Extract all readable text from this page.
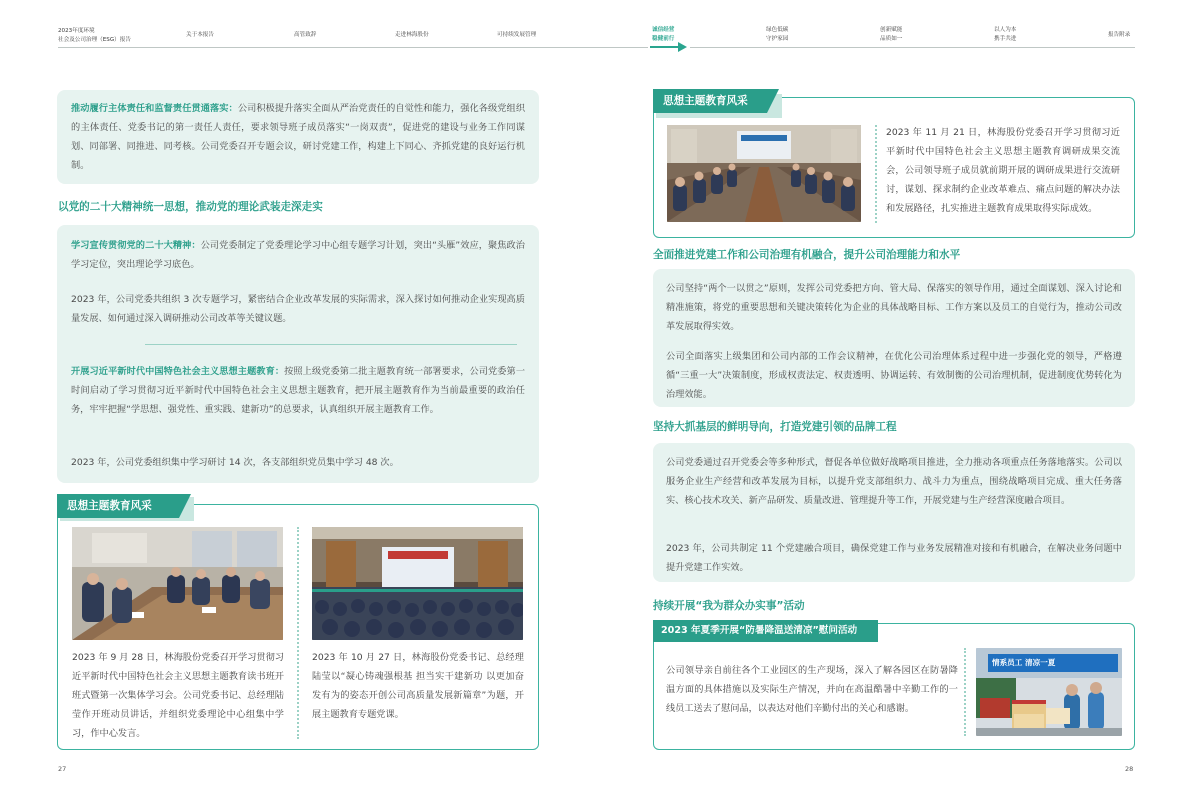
2023年度环境
社会及公司治理（ESG）报告
关于本报告	高管致辞	走进林海股份	可持续发展管理
诚信经营
稳健前行
绿色低碳
守护家园
创新赋能
品质如一
以人为本
携手共进
报告附录

推动履行主体责任和监督责任贯通落实：公司积极提升落实全面从严治党责任的自觉性和能力，强化各级党组织的主体责任、党委书记的第一责任人责任，要求领导班子成员落实“一岗双责”，促进党的建设与业务工作同谋划、同部署、同推进、同考核。公司党委召开专题会议，研讨党建工作，构建上下同心、齐抓党建的良好运行机制。

以党的二十大精神统一思想，推动党的理论武装走深走实

学习宣传贯彻党的二十大精神：公司党委制定了党委理论学习中心组专题学习计划，突出“头雁”效应，聚焦政治学习定位，突出理论学习底色。

2023 年，公司党委共组织 3 次专题学习，紧密结合企业改革发展的实际需求，深入探讨如何推动企业实现高质量发展、如何通过深入调研推动公司改革等关键议题。

开展习近平新时代中国特色社会主义思想主题教育：按照上级党委第二批主题教育统一部署要求，公司党委第一时间启动了学习贯彻习近平新时代中国特色社会主义思想主题教育，把开展主题教育作为当前最重要的政治任务，牢牢把握“学思想、强党性、重实践、建新功”的总要求，认真组织开展主题教育工作。

2023 年，公司党委组织集中学习研讨 14 次，各支部组织党员集中学习 48 次。

思想主题教育风采

2023 年 9 月 28 日，林海股份党委召开学习贯彻习近平新时代中国特色社会主义思想主题教育读书班开班式暨第一次集体学习会。公司党委书记、总经理陆莹作开班动员讲话，并组织党委理论中心组集中学习，作中心发言。

2023 年 10 月 27 日，林海股份党委书记、总经理陆莹以“凝心铸魂强根基 担当实干建新功 以更加奋发有为的姿态开创公司高质量发展新篇章”为题，开展主题教育专题党课。

27
思想主题教育风采

2023 年 11 月 21 日，林海股份党委召开学习贯彻习近平新时代中国特色社会主义思想主题教育调研成果交流会，公司领导班子成员就前期开展的调研成果进行交流研讨，谋划、探求制约企业改革难点、痛点问题的解决办法和发展路径，扎实推进主题教育成果取得实际成效。

全面推进党建工作和公司治理有机融合，提升公司治理能力和水平

公司坚持“两个一以贯之”原则，发挥公司党委把方向、管大局、保落实的领导作用，通过全面谋划、深入讨论和精准施策，将党的重要思想和关键决策转化为企业的具体战略目标、工作方案以及员工的自觉行为，推动公司改革发展取得实效。

公司全面落实上级集团和公司内部的工作会议精神，在优化公司治理体系过程中进一步强化党的领导，严格遵循“三重一大”决策制度，形成权责法定、权责透明、协调运转、有效制衡的公司治理机制，促进制度优势转化为治理效能。

坚持大抓基层的鲜明导向，打造党建引领的品牌工程

公司党委通过召开党委会等多种形式，督促各单位做好战略项目推进，全力推动各项重点任务落地落实。公司以服务企业生产经营和改革发展为目标，以提升党支部组织力、战斗力为重点，围绕战略项目完成、重大任务落实、核心技术攻关、新产品研发、质量改进、管理提升等工作，开展党建与生产经营深度融合项目。

2023 年，公司共制定 11 个党建融合项目，确保党建工作与业务发展精准对接和有机融合，在解决业务问题中提升党建工作实效。

持续开展“我为群众办实事”活动
2023 年夏季开展“防暑降温送清凉”慰问活动

公司领导亲自前往各个工业园区的生产现场，深入了解各园区在防暑降温方面的具体措施以及实际生产情况，并向在高温酷暑中辛勤工作的一线员工送去了慰问品，以表达对他们辛勤付出的关心和感谢。

情系员工 清凉一夏
28
